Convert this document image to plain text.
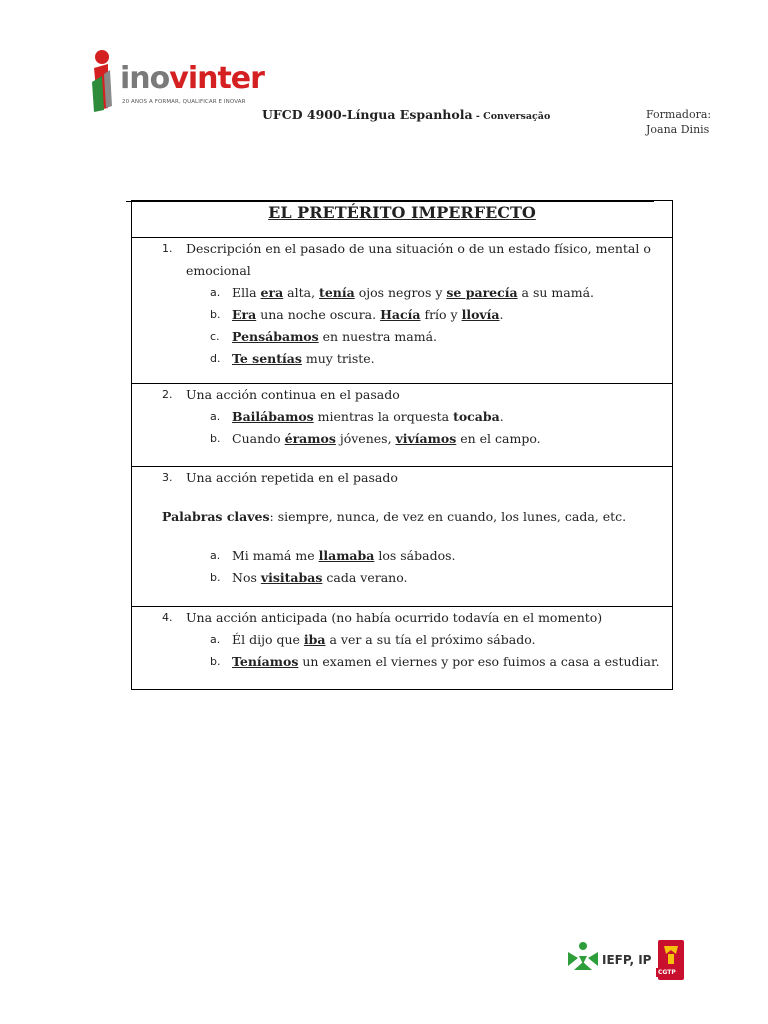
inovinter
20 ANOS A FORMAR, QUALIFICAR E INOVAR
UFCD 4900-Língua Espanhola - Conversação	Formadora:
Joana Dinis
EL PRETÉRITO IMPERFECTO

1. Descripción en el pasado de una situación o de un estado físico, mental o
emocional
a. Ella era alta, tenía ojos negros y se parecía a su mamá.
b. Era una noche oscura. Hacía frío y llovía.
c. Pensábamos en nuestra mamá.
d. Te sentías muy triste.

2. Una acción continua en el pasado
a. Bailábamos mientras la orquesta tocaba.
b. Cuando éramos jóvenes, vivíamos en el campo.

3. Una acción repetida en el pasado
Palabras claves: siempre, nunca, de vez en cuando, los lunes, cada, etc.
a. Mi mamá me llamaba los sábados.
b. Nos visitabas cada verano.

4. Una acción anticipada (no había ocurrido todavía en el momento)
a. Él dijo que iba a ver a su tía el próximo sábado.
b. Teníamos un examen el viernes y por eso fuimos a casa a estudiar.
IEFP, IP
CGTP
